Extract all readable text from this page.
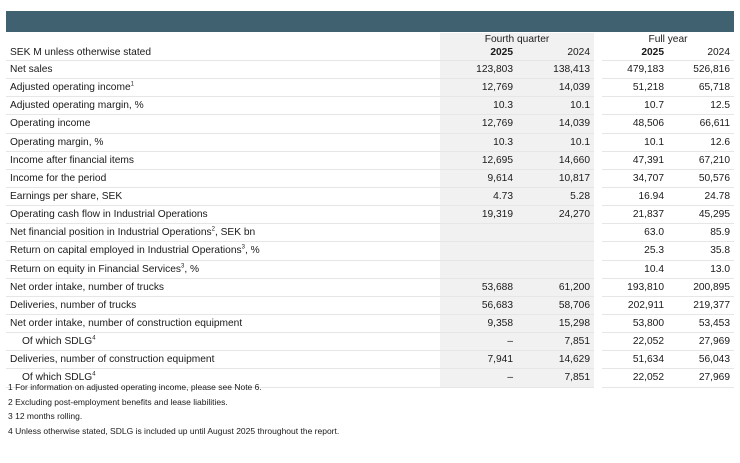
	Fourth quarter			Full year	
SEK M unless otherwise stated	2025	2024		2025	2024
Net sales	123,803	138,413		479,183	526,816
Adjusted operating income$^1$	12,769	14,039		51,218	65,718
Adjusted operating margin, %	10.3	10.1		10.7	12.5
Operating income	12,769	14,039		48,506	66,611
Operating margin, %	10.3	10.1		10.1	12.6
Income after financial items	12,695	14,660		47,391	67,210
Income for the period	9,614	10,817		34,707	50,576
Earnings per share, SEK	4.73	5.28		16.94	24.78
Operating cash flow in Industrial Operations	19,319	24,270		21,837	45,295
Net financial position in Industrial Operations$^2$, SEK bn				63.0	85.9
Return on capital employed in Industrial Operations$^3$, %				25.3	35.8
Return on equity in Financial Services$^3$, %				10.4	13.0
Net order intake, number of trucks	53,688	61,200		193,810	200,895
Deliveries, number of trucks	56,683	58,706		202,911	219,377
Net order intake, number of construction equipment	9,358	15,298		53,800	53,453
Of which SDLG$^4$	–	7,851		22,052	27,969
Deliveries, number of construction equipment	7,941	14,629		51,634	56,043
Of which SDLG$^4$	–	7,851		22,052	27,969
1 For information on adjusted operating income, please see Note 6.
2 Excluding post-employment benefits and lease liabilities.
3 12 months rolling.
4 Unless otherwise stated, SDLG is included up until August 2025 throughout the report.
